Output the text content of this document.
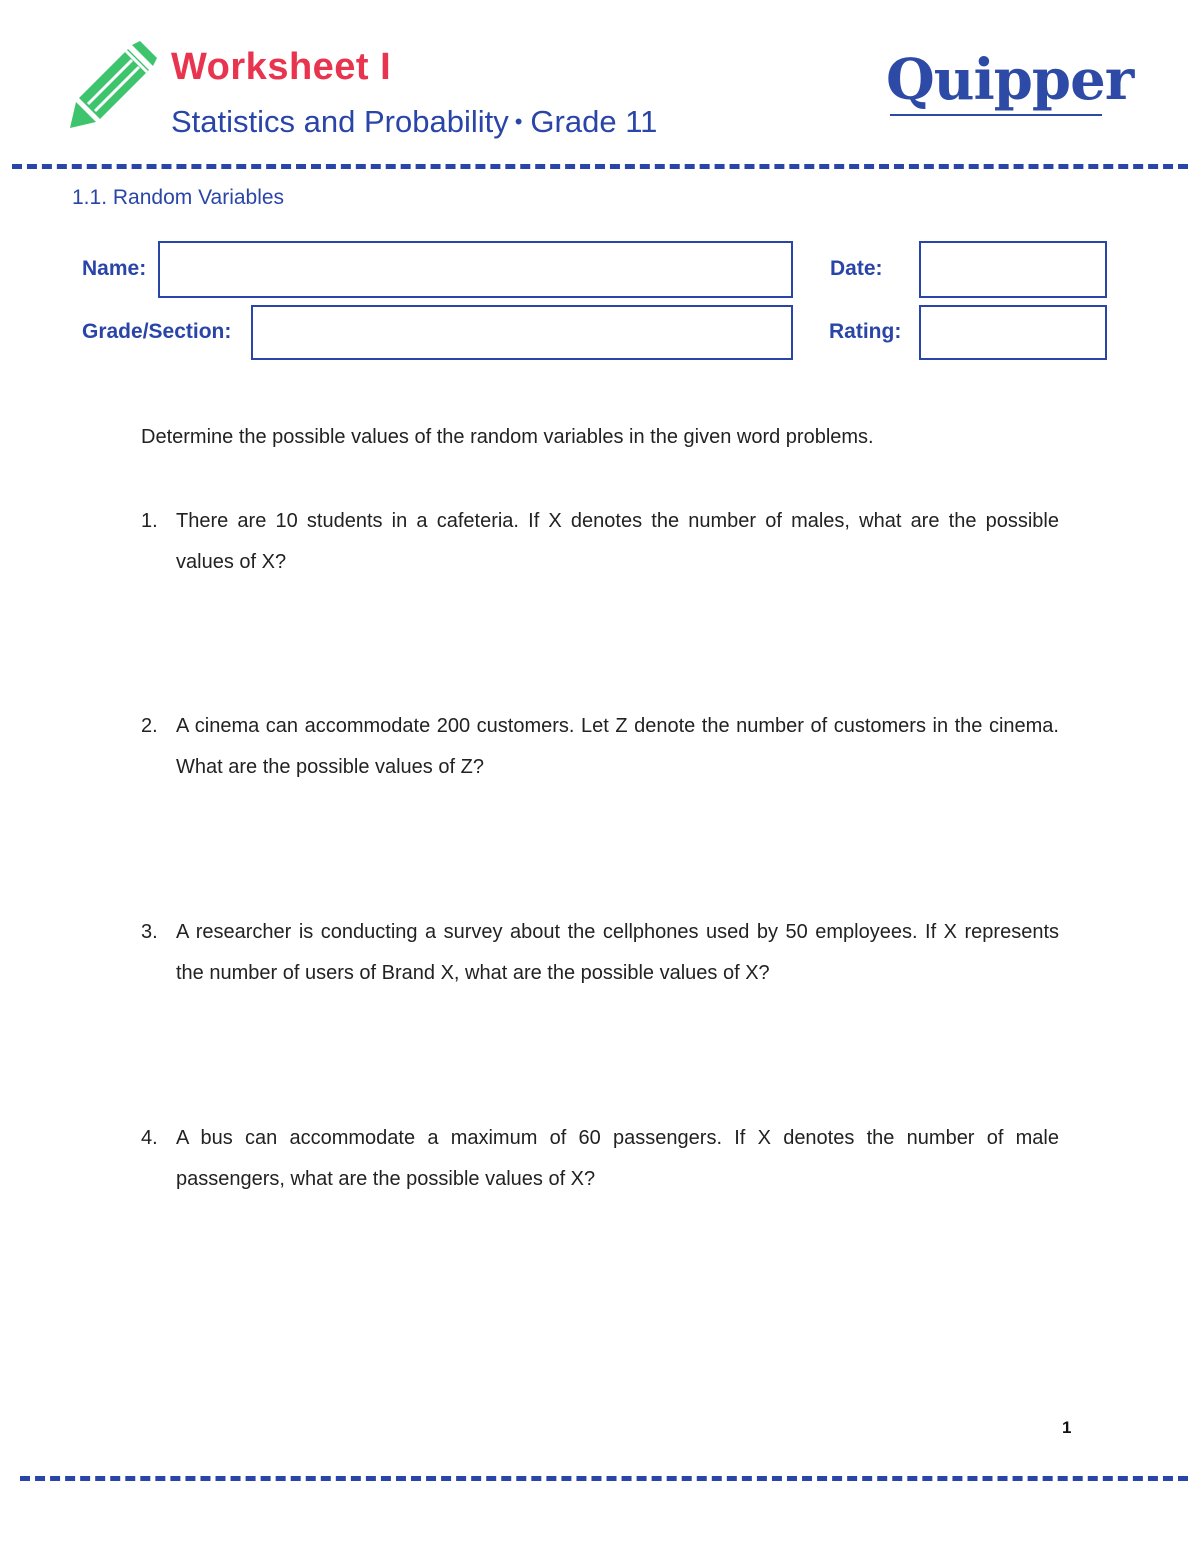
Worksheet I
Statistics and Probability • Grade 11
Quipper
1.1. Random Variables
Name:	Date:
Grade/Section:	Rating:
Determine the possible values of the random variables in the given word problems.
1. There are 10 students in a cafeteria. If X denotes the number of males, what are the possible values of X?
2. A cinema can accommodate 200 customers. Let Z denote the number of customers in the cinema. What are the possible values of Z?
3. A researcher is conducting a survey about the cellphones used by 50 employees. If X represents the number of users of Brand X, what are the possible values of X?
4. A bus can accommodate a maximum of 60 passengers. If X denotes the number of male passengers, what are the possible values of X?
1
